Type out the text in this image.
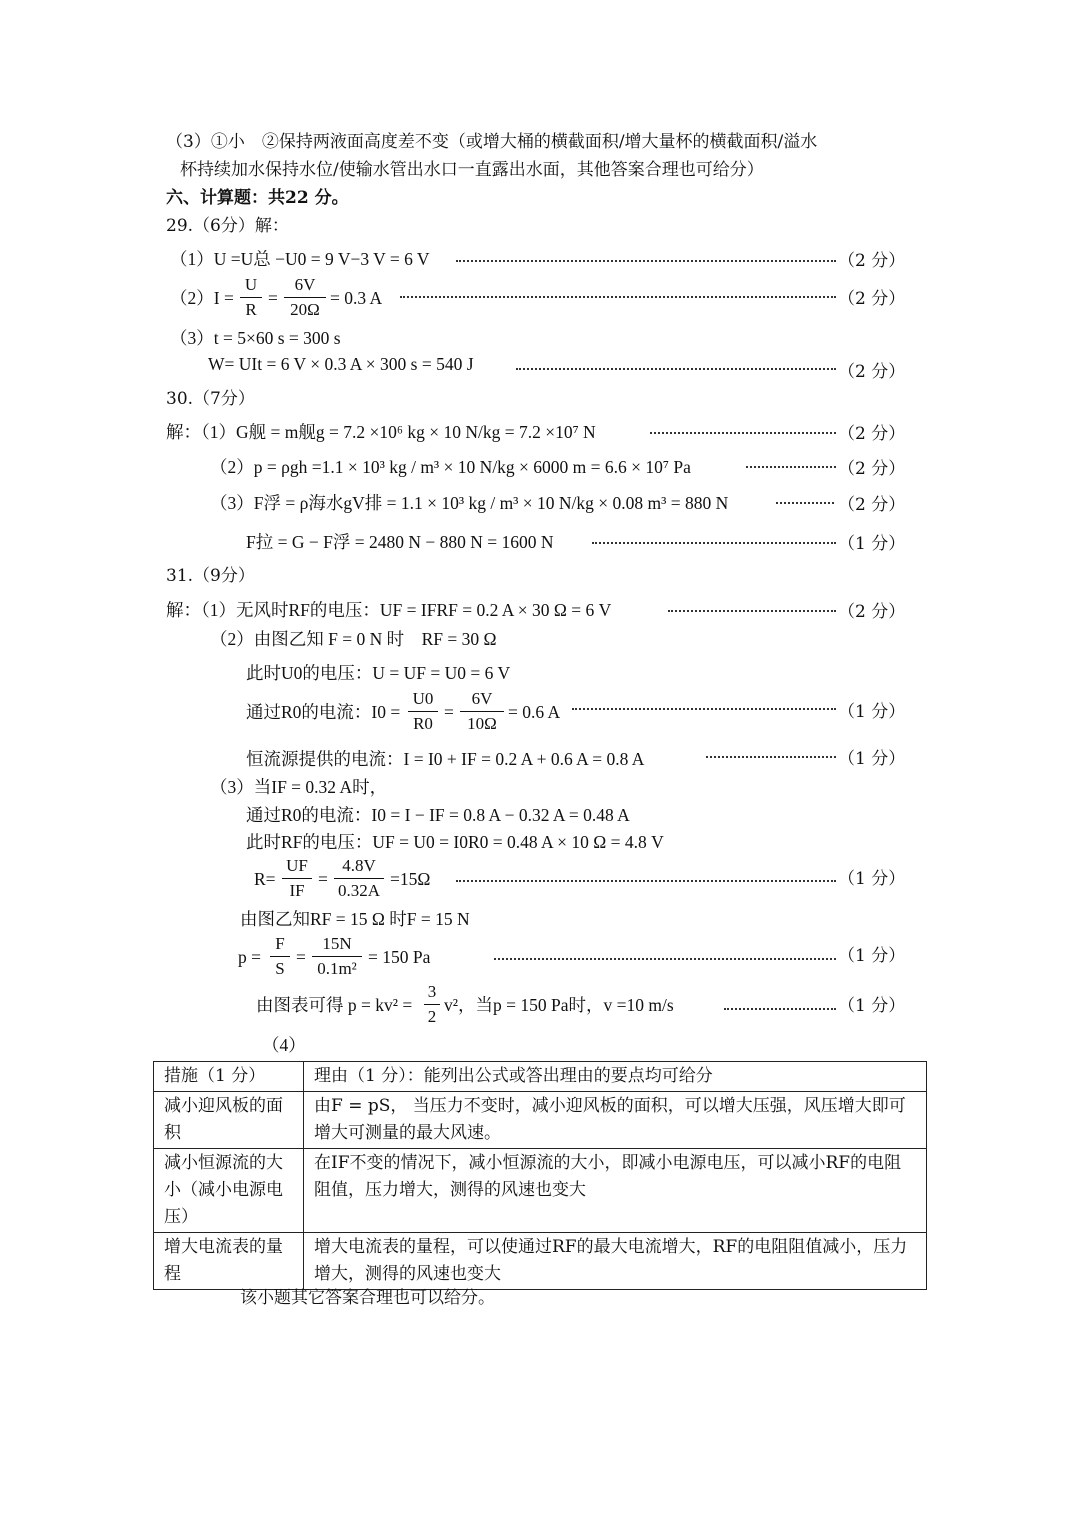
（3）①小　②保持两液面高度差不变（或增大桶的横截面积/增大量杯的横截面积/溢水
杯持续加水保持水位/使输水管出水口一直露出水面，其他答案合理也可给分）
六、计算题：共22 分。
29.（6分）解：
（1）U =U总 −U0 = 9 V−3 V = 6 V	（2 分）
（2）I =
U
R
=
6V
20Ω
= 0.3 A	（2 分）
（3）t = 5×60 s = 300 s
W= UIt = 6 V × 0.3 A × 300 s = 540 J	（2 分）
30.（7分）
解：（1）G舰 = m舰g = 7.2 ×10⁶ kg × 10 N/kg = 7.2 ×10⁷ N	（2 分）
（2）p = ρgh =1.1 × 10³ kg / m³ × 10 N/kg × 6000 m = 6.6 × 10⁷ Pa	（2 分）
（3）F浮 = ρ海水gV排 = 1.1 × 10³ kg / m³ × 10 N/kg × 0.08 m³ = 880 N	（2 分）
F拉 = G − F浮 = 2480 N − 880 N = 1600 N	（1 分）
31.（9分）
解：（1）无风时RF的电压：UF = IFRF = 0.2 A × 30 Ω = 6 V	（2 分）
（2）由图乙知 F = 0 N 时　RF = 30 Ω
此时U0的电压：U = UF = U0 = 6 V
通过R0的电流：I0 =
U0
R0
=
6V
10Ω
= 0.6 A	（1 分）
恒流源提供的电流：I = I0 + IF = 0.2 A + 0.6 A = 0.8 A	（1 分）
（3）当IF = 0.32 A时，
通过R0的电流：I0 = I − IF = 0.8 A − 0.32 A = 0.48 A
此时RF的电压：UF = U0 = I0R0 = 0.48 A × 10 Ω = 4.8 V
R=
UF
IF
=
4.8V
0.32A
=15Ω	（1 分）
由图乙知RF = 15 Ω 时F = 15 N
p =
F
S
=
15N
0.1m²
= 150 Pa	（1 分）
由图表可得 p = kv² =
3
2
v²，当p = 150 Pa时，v =10 m/s	（1 分）
（4）
措施（1 分）	理由（1 分）：能列出公式或答出理由的要点均可给分
减小迎风板的面积	由F = pS， 当压力不变时，减小迎风板的面积，可以增大压强，风压增大即可增大可测量的最大风速。
减小恒源流的大小（减小电源电压）	在IF不变的情况下，减小恒源流的大小，即减小电源电压，可以减小RF的电阻阻值，压力增大，测得的风速也变大
增大电流表的量程	增大电流表的量程，可以使通过RF的最大电流增大，RF的电阻阻值减小，压力增大，测得的风速也变大
该小题其它答案合理也可以给分。
